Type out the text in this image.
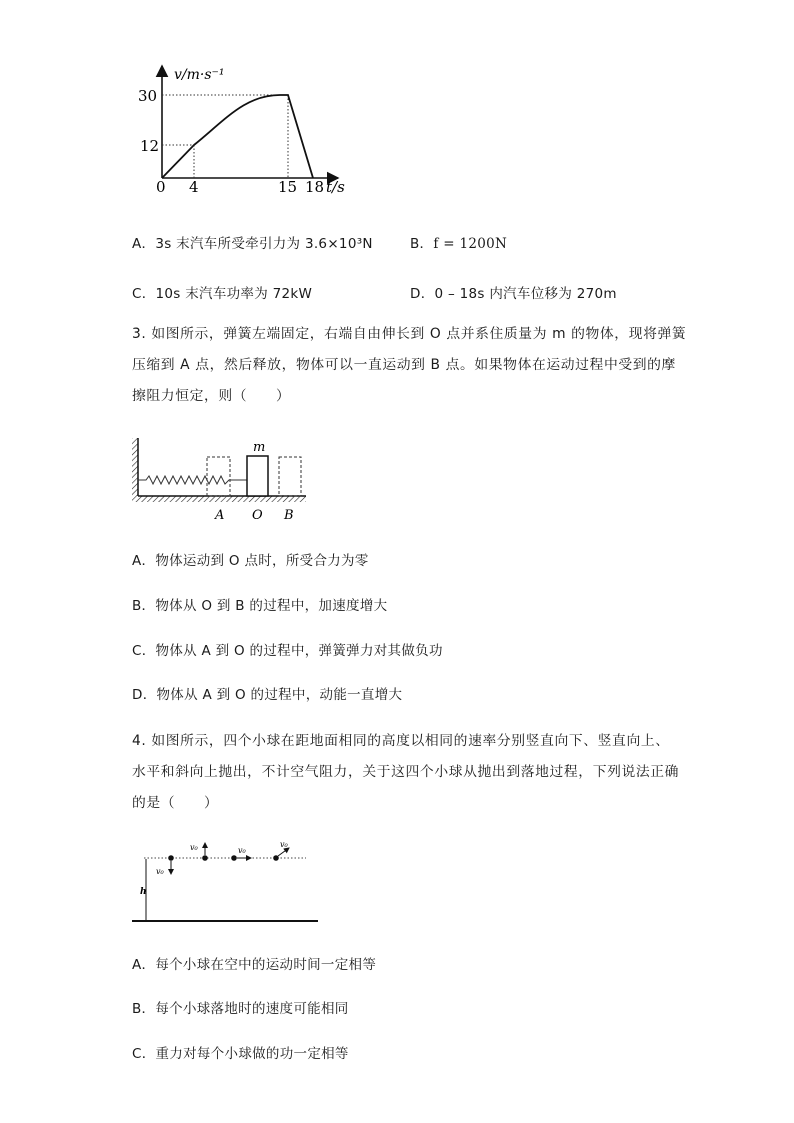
v/m·s⁻¹
30
12
0 4	15 18 t/s
A．3s 末汽车所受牵引力为 3.6×10³N	B．f = 1200N
C．10s 末汽车功率为 72kW	D．0 – 18s 内汽车位移为 270m
3. 如图所示，弹簧左端固定，右端自由伸长到 O 点并系住质量为 m 的物体，现将弹簧
压缩到 A 点，然后释放，物体可以一直运动到 B 点。如果物体在运动过程中受到的摩
擦阻力恒定，则（　　）
m
A O B
A．物体运动到 O 点时，所受合力为零
B．物体从 O 到 B 的过程中，加速度增大
C．物体从 A 到 O 的过程中，弹簧弹力对其做负功
D．物体从 A 到 O 的过程中，动能一直增大
4. 如图所示，四个小球在距地面相同的高度以相同的速率分别竖直向下、竖直向上、
水平和斜向上抛出，不计空气阻力，关于这四个小球从抛出到落地过程，下列说法正确
的是（　　）
h
v₀
v₀	v₀
v₀
A．每个小球在空中的运动时间一定相等
B．每个小球落地时的速度可能相同
C．重力对每个小球做的功一定相等
